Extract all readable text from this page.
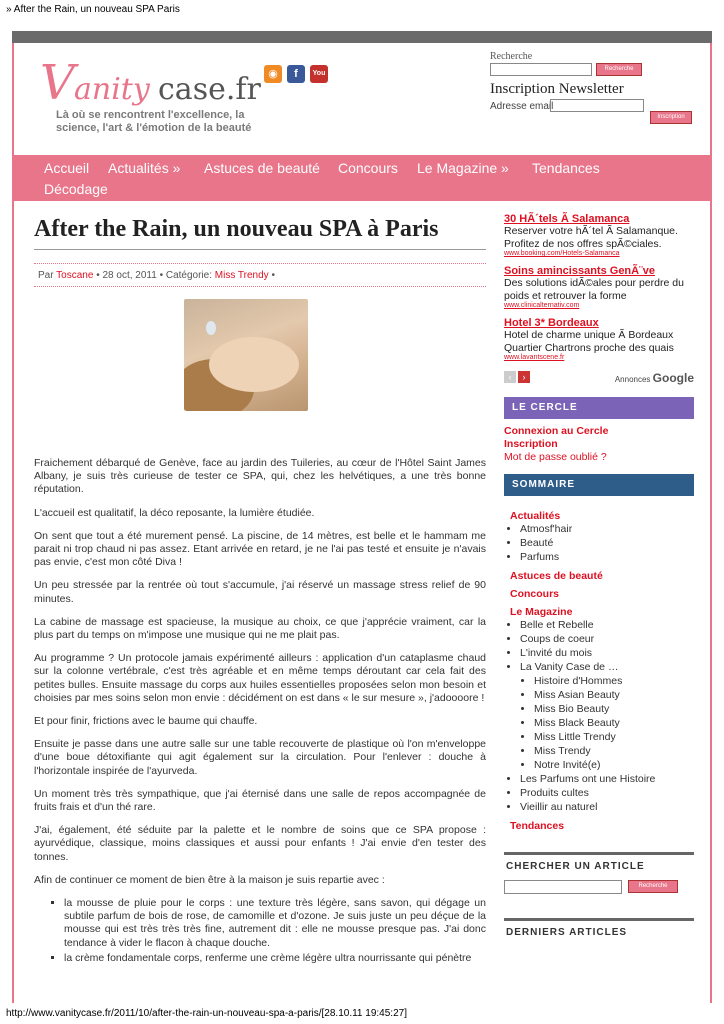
» After the Rain, un nouveau SPA Paris
V anity case.fr
Là où se rencontrent l'excellence, la science, l'art & l'émotion de la beauté
◉	f	You
Recherche
Recherche
Inscription Newsletter
Adresse email
Inscription
Accueil Actualités » Astuces de beauté Concours Le Magazine » Tendances
Décodage
After the Rain, un nouveau SPA à Paris
Par Toscane • 28 oct, 2011 • Catégorie: Miss Trendy •

Fraichement débarqué de Genève, face au jardin des Tuileries, au cœur de l'Hôtel Saint James Albany, je suis très curieuse de tester ce SPA, qui, chez les helvétiques, a une très bonne réputation.

L'accueil est qualitatif, la déco reposante, la lumière étudiée.

On sent que tout a été murement pensé. La piscine, de 14 mètres, est belle et le hammam me parait ni trop chaud ni pas assez. Etant arrivée en retard, je ne l'ai pas testé et ensuite je n'avais pas envie, c'est mon côté Diva !

Un peu stressée par la rentrée où tout s'accumule, j'ai réservé un massage stress relief de 90 minutes.

La cabine de massage est spacieuse, la musique au choix, ce que j'apprécie vraiment, car la plus part du temps on m'impose une musique qui ne me plait pas.

Au programme ? Un protocole jamais expérimenté ailleurs : application d'un cataplasme chaud sur la colonne vertébrale, c'est très agréable et en même temps déroutant car cela fait des petites bulles. Ensuite massage du corps aux huiles essentielles proposées selon mon besoin et choisies par mes soins selon mon envie : décidément on est dans « le sur mesure », j'adoooore !

Et pour finir, frictions avec le baume qui chauffe.

Ensuite je passe dans une autre salle sur une table recouverte de plastique où l'on m'enveloppe d'une boue détoxifiante qui agit également sur la circulation. Pour l'enlever : douche à l'horizontale inspirée de l'ayurveda.

Un moment très très sympathique, que j'ai éternisé dans une salle de repos accompagnée de fruits frais et d'un thé rare.

J'ai, également, été séduite par la palette et le nombre de soins que ce SPA propose : ayurvédique, classique, moins classiques et aussi pour enfants ! J'ai envie d'en tester des tonnes.

Afin de continuer ce moment de bien être à la maison je suis repartie avec :

▪ la mousse de pluie pour le corps : une texture très légère, sans savon, qui dégage un subtile parfum de bois de rose, de camomille et d'ozone. Je suis juste un peu déçue de la mousse qui est très très très fine, autrement dit : elle ne mousse presque pas. J'ai donc tendance à vider le flacon à chaque douche.
▪ la crème fondamentale corps, renferme une crème légère ultra nourrissante qui pénètre
30 HÃ´tels Ã Salamanca
Reserver votre hÃ´tel Ã Salamanque. Profitez de nos offres spÃ©ciales.
www.booking.com/Hotels-Salamanca
Soins amincissants GenÃ¨ve
Des solutions idÃ©ales pour perdre du poids et retrouver la forme
www.clinicalternativ.com
Hotel 3* Bordeaux
Hotel de charme unique Ã Bordeaux Quartier Chartrons proche des quais
www.lavantscene.fr
‹	›	Annonces Google
LE CERCLE
Connexion au Cercle
Inscription
Mot de passe oublié ?
SOMMAIRE
Actualités
• Atmosf'hair
• Beauté
• Parfums
Astuces de beauté
Concours
Le Magazine
• Belle et Rebelle
• Coups de coeur
• L'invité du mois
• La Vanity Case de …
• Histoire d'Hommes
• Miss Asian Beauty
• Miss Bio Beauty
• Miss Black Beauty
• Miss Little Trendy
• Miss Trendy
• Notre Invité(e)
• Les Parfums ont une Histoire
• Produits cultes
• Vieillir au naturel
Tendances
CHERCHER UN ARTICLE
Recherche
DERNIERS ARTICLES
http://www.vanitycase.fr/2011/10/after-the-rain-un-nouveau-spa-a-paris/[28.10.11 19:45:27]
